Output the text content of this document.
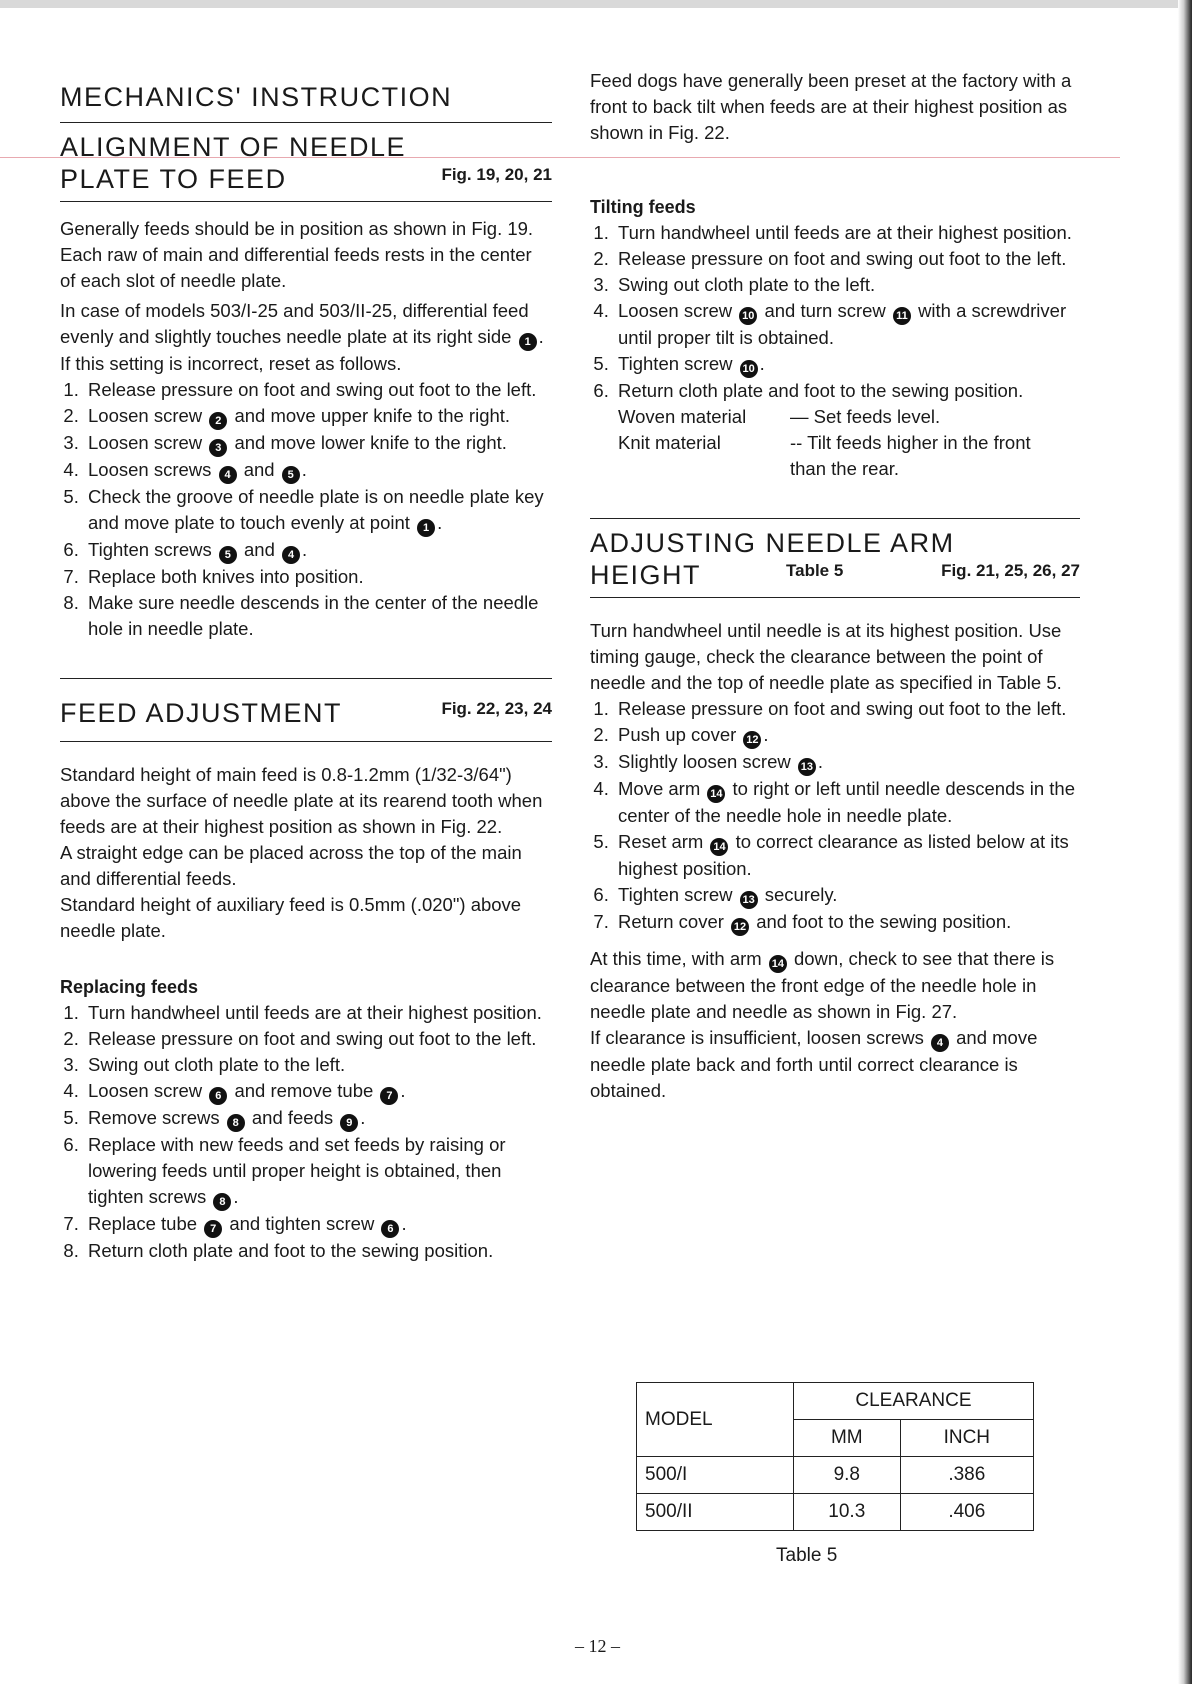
MECHANICS' INSTRUCTION
ALIGNMENT OF NEEDLE
PLATE TO FEED	Fig. 19, 20, 21

Generally feeds should be in position as shown in Fig. 19. Each raw of main and differential feeds rests in the center of each slot of needle plate.

In case of models 503/I-25 and 503/II-25, differential feed evenly and slightly touches needle plate at its right side 1 . If this setting is incorrect, reset as follows.

1. Release pressure on foot and swing out foot to the left.
2. Loosen screw 2 and move upper knife to the right.
3. Loosen screw 3 and move lower knife to the right.
4. Loosen screws 4 and 5 .
5. Check the groove of needle plate is on needle plate key and move plate to touch evenly at point 1 .
6. Tighten screws 5 and 4 .
7. Replace both knives into position.
8. Make sure needle descends in the center of the needle hole in needle plate.
FEED ADJUSTMENT	Fig. 22, 23, 24

Standard height of main feed is 0.8-1.2mm (1/32-3/64") above the surface of needle plate at its rearend tooth when feeds are at their highest position as shown in Fig. 22.

A straight edge can be placed across the top of the main and differential feeds.

Standard height of auxiliary feed is 0.5mm (.020") above needle plate.

Replacing feeds

1. Turn handwheel until feeds are at their highest position.
2. Release pressure on foot and swing out foot to the left.
3. Swing out cloth plate to the left.
4. Loosen screw 6 and remove tube 7 .
5. Remove screws 8 and feeds 9 .
6. Replace with new feeds and set feeds by raising or lowering feeds until proper height is obtained, then tighten screws 8 .
7. Replace tube 7 and tighten screw 6 .
8. Return cloth plate and foot to the sewing position.

Feed dogs have generally been preset at the factory with a front to back tilt when feeds are at their highest position as shown in Fig. 22.

Tilting feeds

1. Turn handwheel until feeds are at their highest position.
2. Release pressure on foot and swing out foot to the left.
3. Swing out cloth plate to the left.
4. Loosen screw 10 and turn screw 11 with a screwdriver until proper tilt is obtained.
5. Tighten screw 10 .
6. Return cloth plate and foot to the sewing position.
Woven material	— Set feeds level.
Knit material	-- Tilt feeds higher in the front than the rear.
ADJUSTING NEEDLE ARM
HEIGHT	Table 5	Fig. 21, 25, 26, 27

Turn handwheel until needle is at its highest position. Use timing gauge, check the clearance between the point of needle and the top of needle plate as specified in Table 5.

1. Release pressure on foot and swing out foot to the left.
2. Push up cover 12 .
3. Slightly loosen screw 13 .
4. Move arm 14 to right or left until needle descends in the center of the needle hole in needle plate.
5. Reset arm 14 to correct clearance as listed below at its highest position.
6. Tighten screw 13 securely.
7. Return cover 12 and foot to the sewing position.

At this time, with arm 14 down, check to see that there is clearance between the front edge of the needle hole in needle plate and needle as shown in Fig. 27.

If clearance is insufficient, loosen screws 4 and move needle plate back and forth until correct clearance is obtained.

MODEL	CLEARANCE	
	MM	INCH
500/I	9.8	.386
500/II	10.3	.406
Table 5
– 12 –
